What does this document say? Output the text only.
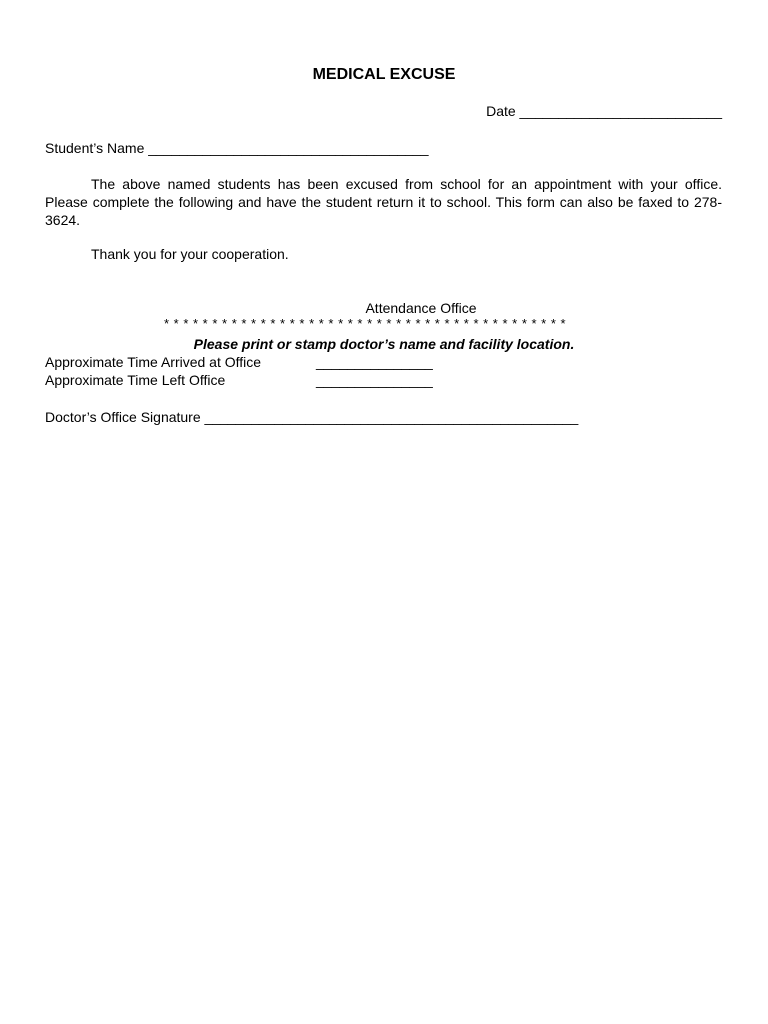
MEDICAL EXCUSE
Date __________________________
Student’s Name ____________________________________

The above named students has been excused from school for an appointment with your office. Please complete the following and have the student return it to school. This form can also be faxed to 278-3624.

Thank you for your cooperation.
Attendance Office
* * * * * * * * * * * * * * * * * * * * * * * * * * * * * * * * * * * * * * * * * *
Please print or stamp doctor’s name and facility location.
Approximate Time Arrived at Office	_______________
Approximate Time Left Office	_______________
Doctor’s Office Signature ________________________________________________
